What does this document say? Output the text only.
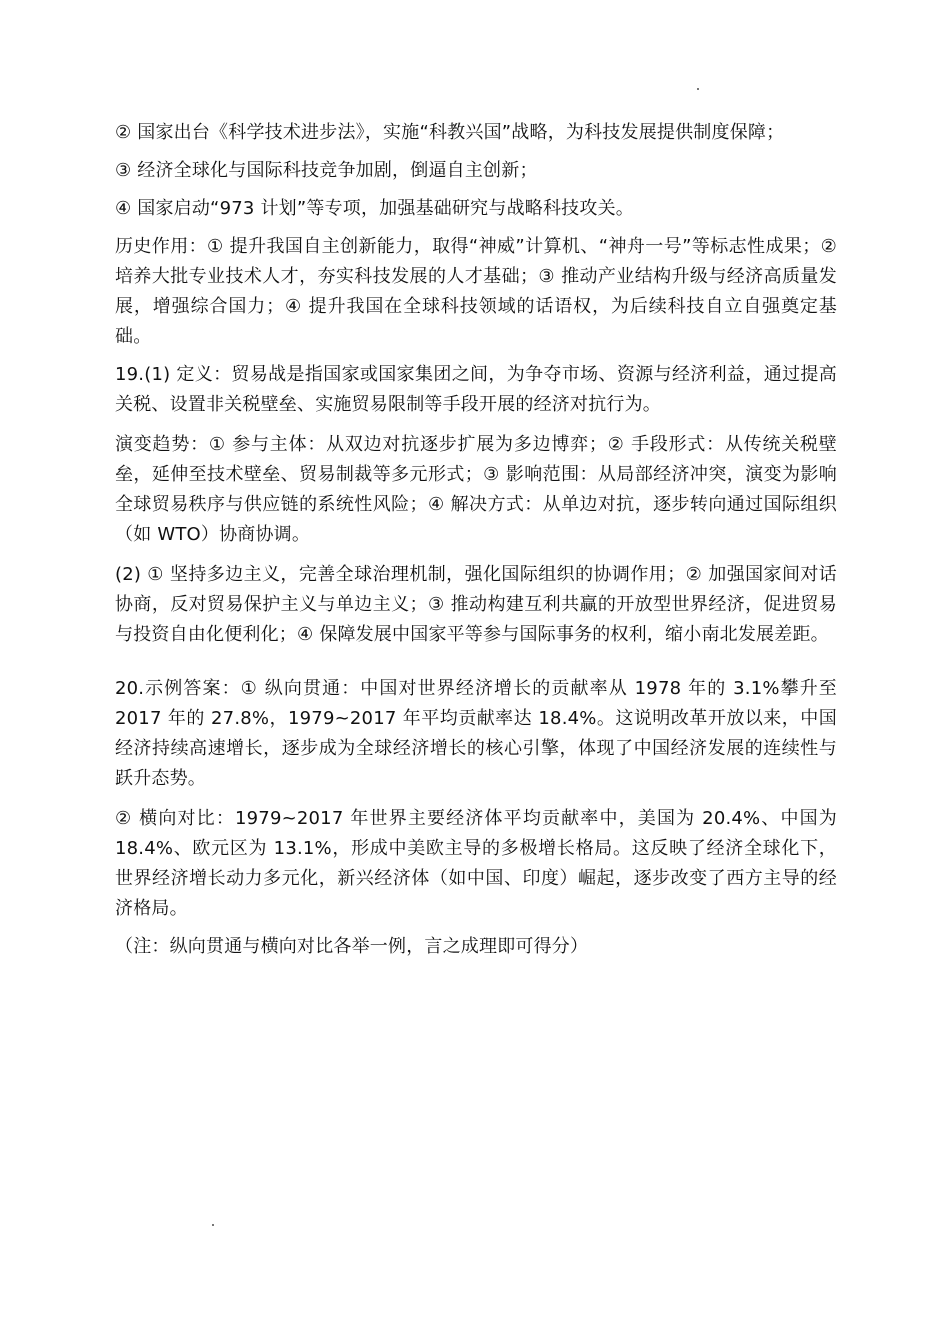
② 国家出台《科学技术进步法》，实施“科教兴国”战略，为科技发展提供制度保障；

③ 经济全球化与国际科技竞争加剧，倒逼自主创新；

④ 国家启动“973 计划”等专项，加强基础研究与战略科技攻关。

历史作用：① 提升我国自主创新能力，取得“神威”计算机、“神舟一号”等标志性成果；② 培养大批专业技术人才，夯实科技发展的人才基础；③ 推动产业结构升级与经济高质量发展，增强综合国力；④ 提升我国在全球科技领域的话语权，为后续科技自立自强奠定基础。

19.(1) 定义：贸易战是指国家或国家集团之间，为争夺市场、资源与经济利益，通过提高关税、设置非关税壁垒、实施贸易限制等手段开展的经济对抗行为。

演变趋势：① 参与主体：从双边对抗逐步扩展为多边博弈；② 手段形式：从传统关税壁垒，延伸至技术壁垒、贸易制裁等多元形式；③ 影响范围：从局部经济冲突，演变为影响全球贸易秩序与供应链的系统性风险；④ 解决方式：从单边对抗，逐步转向通过国际组织（如 WTO）协商协调。

(2) ① 坚持多边主义，完善全球治理机制，强化国际组织的协调作用；② 加强国家间对话协商，反对贸易保护主义与单边主义；③ 推动构建互利共赢的开放型世界经济，促进贸易与投资自由化便利化；④ 保障发展中国家平等参与国际事务的权利，缩小南北发展差距。

20.示例答案：① 纵向贯通：中国对世界经济增长的贡献率从 1978 年的 3.1%攀升至 2017 年的 27.8%，1979~2017 年平均贡献率达 18.4%。这说明改革开放以来，中国经济持续高速增长，逐步成为全球经济增长的核心引擎，体现了中国经济发展的连续性与跃升态势。

② 横向对比：1979~2017 年世界主要经济体平均贡献率中，美国为 20.4%、中国为 18.4%、欧元区为 13.1%，形成中美欧主导的多极增长格局。这反映了经济全球化下，世界经济增长动力多元化，新兴经济体（如中国、印度）崛起，逐步改变了西方主导的经济格局。

（注：纵向贯通与横向对比各举一例，言之成理即可得分）
